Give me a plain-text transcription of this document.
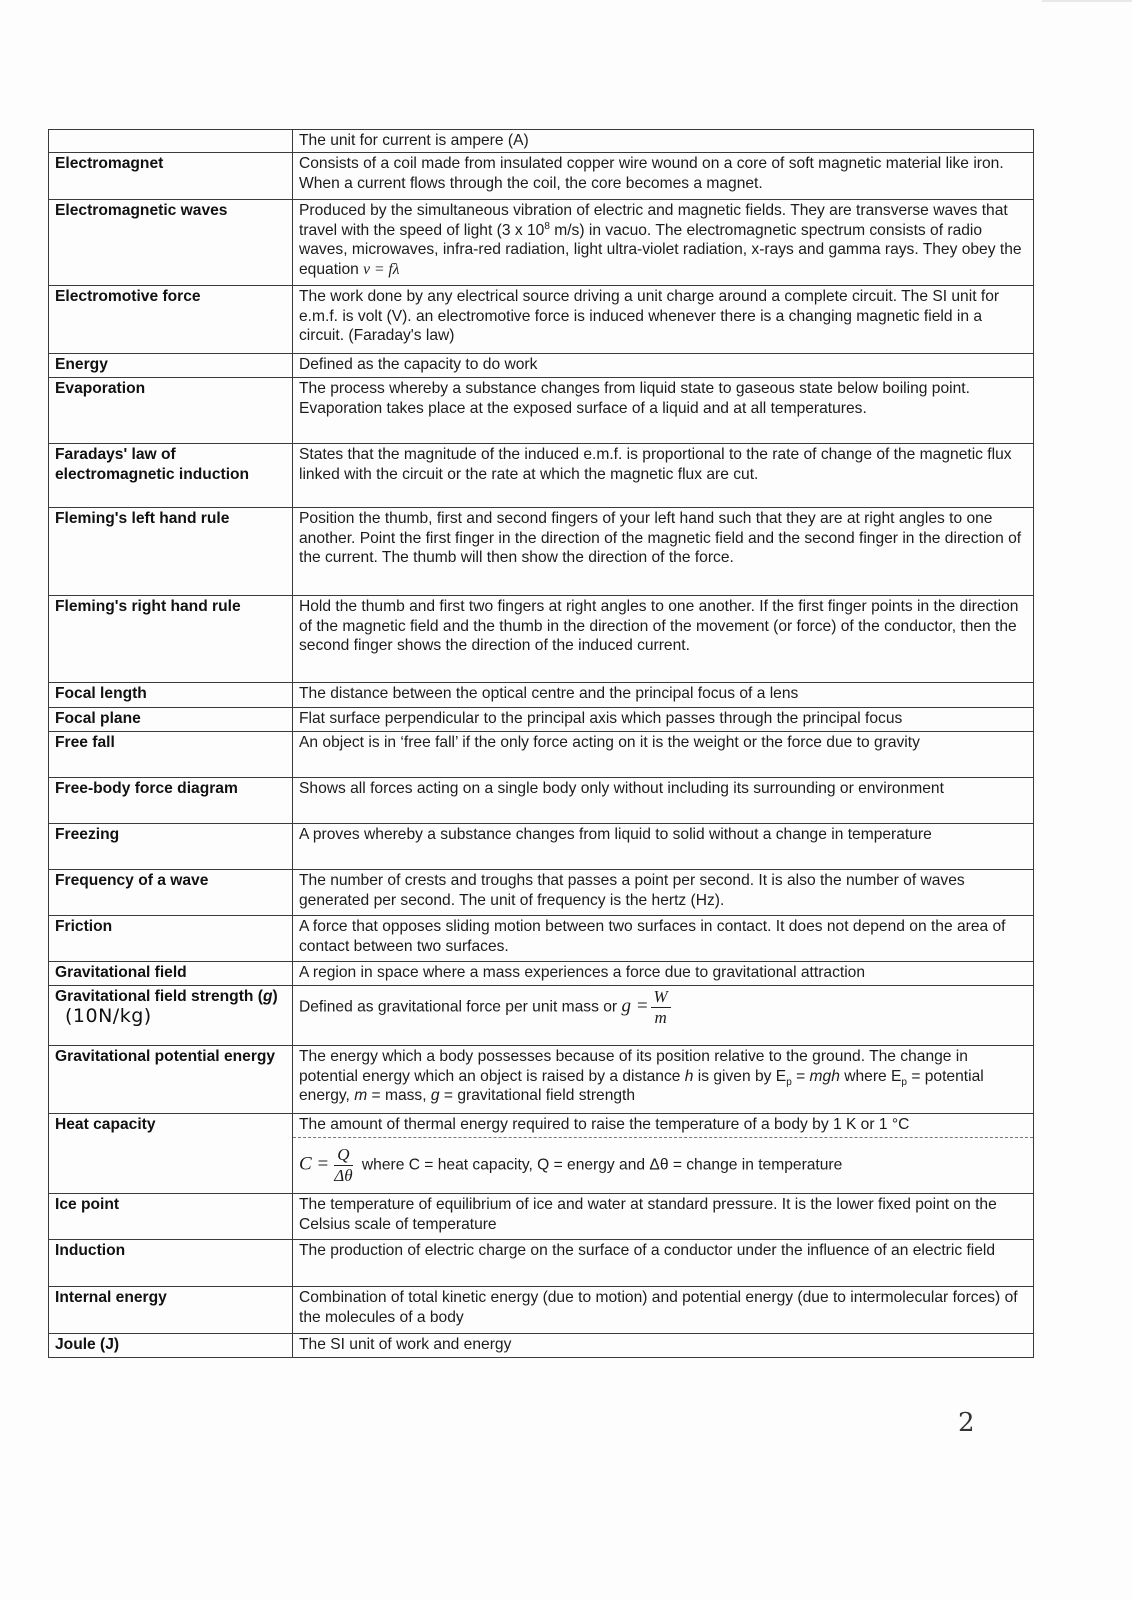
	The unit for current is ampere (A)
Electromagnet	Consists of a coil made from insulated copper wire wound on a core of soft magnetic material like iron. When a current flows through the coil, the core becomes a magnet.
Electromagnetic waves	Produced by the simultaneous vibration of electric and magnetic fields. They are transverse waves that travel with the speed of light (3 x $10^8$ m/s) in vacuo. The electromagnetic spectrum consists of radio waves, microwaves, infra-red radiation, light ultra-violet radiation, x-rays and gamma rays. They obey the equation v = fλ
Electromotive force	The work done by any electrical source driving a unit charge around a complete circuit. The SI unit for e.m.f. is volt (V). an electromotive force is induced whenever there is a changing magnetic field in a circuit. (Faraday's law)
Energy	Defined as the capacity to do work
Evaporation	The process whereby a substance changes from liquid state to gaseous state below boiling point. Evaporation takes place at the exposed surface of a liquid and at all temperatures.
Faradays' law of electromagnetic induction	States that the magnitude of the induced e.m.f. is proportional to the rate of change of the magnetic flux linked with the circuit or the rate at which the magnetic flux are cut.
Fleming's left hand rule	Position the thumb, first and second fingers of your left hand such that they are at right angles to one another. Point the first finger in the direction of the magnetic field and the second finger in the direction of the current. The thumb will then show the direction of the force.
Fleming's right hand rule	Hold the thumb and first two fingers at right angles to one another. If the first finger points in the direction of the magnetic field and the thumb in the direction of the movement (or force) of the conductor, then the second finger shows the direction of the induced current.
Focal length	The distance between the optical centre and the principal focus of a lens
Focal plane	Flat surface perpendicular to the principal axis which passes through the principal focus
Free fall	An object is in ‘free fall’ if the only force acting on it is the weight or the force due to gravity
Free-body force diagram	Shows all forces acting on a single body only without including its surrounding or environment
Freezing	A proves whereby a substance changes from liquid to solid without a change in temperature
Frequency of a wave	The number of crests and troughs that passes a point per second. It is also the number of waves generated per second. The unit of frequency is the hertz (Hz).
Friction	A force that opposes sliding motion between two surfaces in contact. It does not depend on the area of contact between two surfaces.
Gravitational field	A region in space where a mass experiences a force due to gravitational attraction
Gravitational field strength (g)(10N/kg)	Defined as gravitational force per unit mass or $g = \frac{W}{m}$

Gravitational potential energy	The energy which a body possesses because of its position relative to the ground. The change in potential energy which an object is raised by a distance h is given by $E_p$ = mgh where $E_p$ = potential energy, m = mass, g = gravitational field strength
Heat capacity	The amount of thermal energy required to raise the temperature of a body by 1 K or 1 °C
	$C = \frac{Q}{\Delta\theta}$ where C = heat capacity, Q = energy and Δθ = change in temperature
Ice point	The temperature of equilibrium of ice and water at standard pressure. It is the lower fixed point on the Celsius scale of temperature
Induction	The production of electric charge on the surface of a conductor under the influence of an electric field
Internal energy	Combination of total kinetic energy (due to motion) and potential energy (due to intermolecular forces) of the molecules of a body
Joule (J)	The SI unit of work and energy
2
